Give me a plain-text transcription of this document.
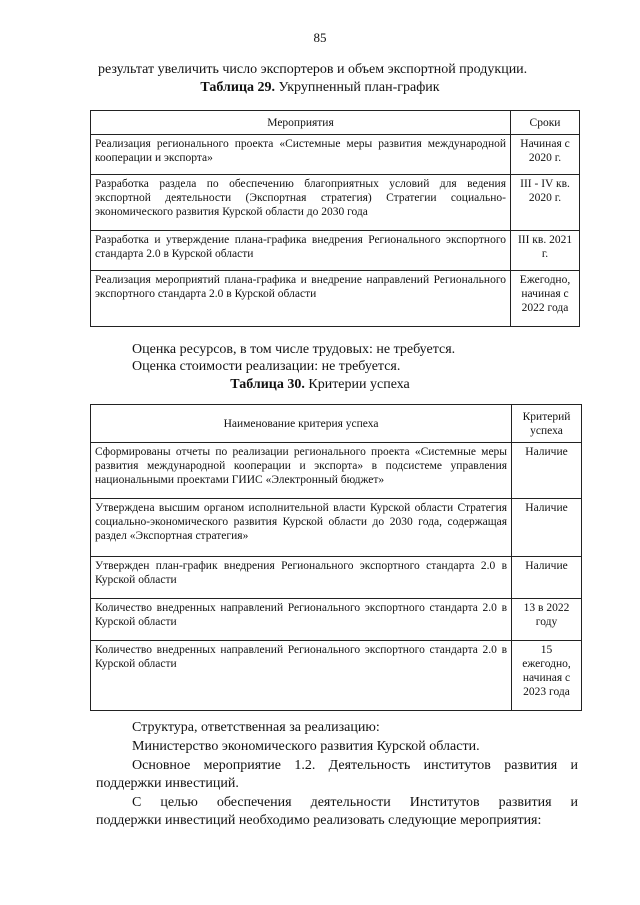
85
результат увеличить число экспортеров и объем экспортной продукции.
Таблица 29. Укрупненный план-график
Мероприятия	Сроки
Реализация регионального проекта «Системные меры развития международной кооперации и экспорта»	Начиная с 2020 г.
Разработка раздела по обеспечению благоприятных условий для ведения экспортной деятельности (Экспортная стратегия) Стратегии социально-экономического развития Курской области до 2030 года	III - IV кв. 2020 г.
Разработка и утверждение плана-графика внедрения Регионального экспортного стандарта 2.0 в Курской области	III кв. 2021 г.
Реализация мероприятий плана-графика и внедрение направлений Регионального экспортного стандарта 2.0 в Курской области	Ежегодно, начиная с 2022 года
Оценка ресурсов, в том числе трудовых: не требуется.
Оценка стоимости реализации: не требуется.
Таблица 30. Критерии успеха
Наименование критерия успеха	Критерий успеха
Сформированы отчеты по реализации регионального проекта «Системные меры развития международной кооперации и экспорта» в подсистеме управления национальными проектами ГИИС «Электронный бюджет»	Наличие
Утверждена высшим органом исполнительной власти Курской области Стратегия социально-экономического развития Курской области до 2030 года, содержащая раздел «Экспортная стратегия»	Наличие
Утвержден план-график внедрения Регионального экспортного стандарта 2.0 в Курской области	Наличие
Количество внедренных направлений Регионального экспортного стандарта 2.0 в Курской области	13 в 2022 году
Количество внедренных направлений Регионального экспортного стандарта 2.0 в Курской области	15 ежегодно, начиная с 2023 года
Структура, ответственная за реализацию:
Министерство экономического развития Курской области.
Основное мероприятие 1.2. Деятельность институтов развития и
поддержки инвестиций.
С целью обеспечения деятельности Институтов развития и
поддержки инвестиций необходимо реализовать следующие мероприятия:
